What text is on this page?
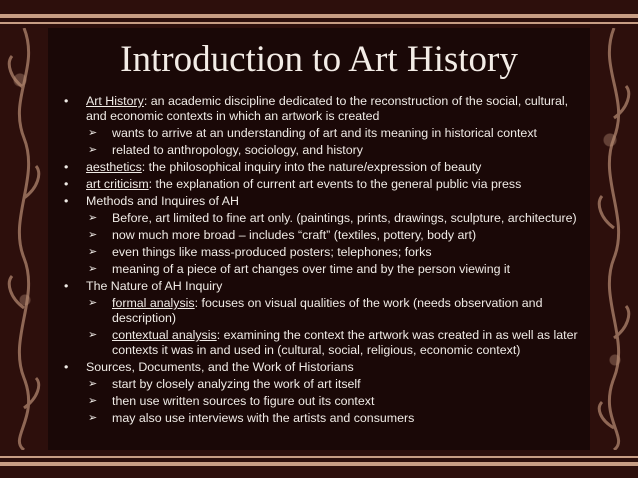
Introduction to Art History
• Art History: an academic discipline dedicated to the reconstruction of the social, cultural, and economic contexts in which an artwork is created
➢ wants to arrive at an understanding of art and its meaning in historical context
➢ related to anthropology, sociology, and history
• aesthetics: the philosophical inquiry into the nature/expression of beauty
• art criticism: the explanation of current art events to the general public via press
• Methods and Inquires of AH
➢ Before, art limited to fine art only. (paintings, prints, drawings, sculpture, architecture)
➢ now much more broad – includes “craft” (textiles, pottery, body art)
➢ even things like mass-produced posters; telephones; forks
➢ meaning of a piece of art changes over time and by the person viewing it
• The Nature of AH Inquiry
➢ formal analysis: focuses on visual qualities of the work (needs observation and description)
➢ contextual analysis: examining the context the artwork was created in as well as later contexts it was in and used in (cultural, social, religious, economic context)
• Sources, Documents, and the Work of Historians
➢ start by closely analyzing the work of art itself
➢ then use written sources to figure out its context
➢ may also use interviews with the artists and consumers
